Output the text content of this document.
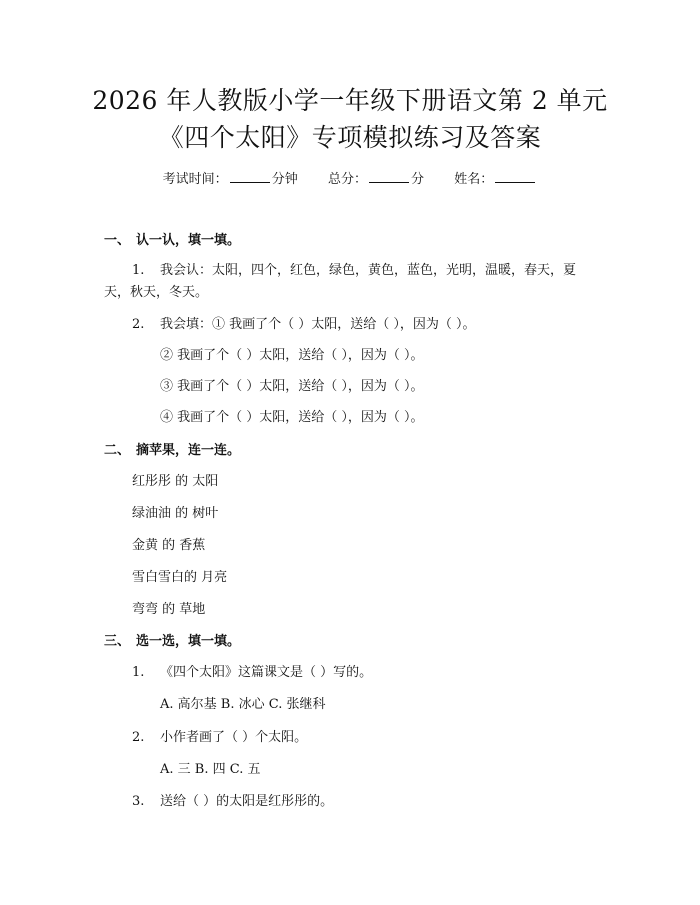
2026 年人教版小学一年级下册语文第 2 单元
《四个太阳》专项模拟练习及答案
考试时间：	分钟 总分：	分 姓名：
一、 认一认，填一填。
1. 我会认：太阳，四个，红色，绿色，黄色，蓝色，光明，温暖，春天，夏
天，秋天，冬天。
2. 我会填：① 我画了个（ ）太阳，送给（ ），因为（ ）。
② 我画了个（ ）太阳，送给（ ），因为（ ）。
③ 我画了个（ ）太阳，送给（ ），因为（ ）。
④ 我画了个（ ）太阳，送给（ ），因为（ ）。
二、 摘苹果，连一连。
红彤彤 的 太阳
绿油油 的 树叶
金黄 的 香蕉
雪白雪白的 月亮
弯弯 的 草地
三、 选一选，填一填。
1. 《四个太阳》这篇课文是（ ）写的。
A. 高尔基 B. 冰心 C. 张继科
2. 小作者画了（ ）个太阳。
A. 三 B. 四 C. 五
3. 送给（ ）的太阳是红彤彤的。
